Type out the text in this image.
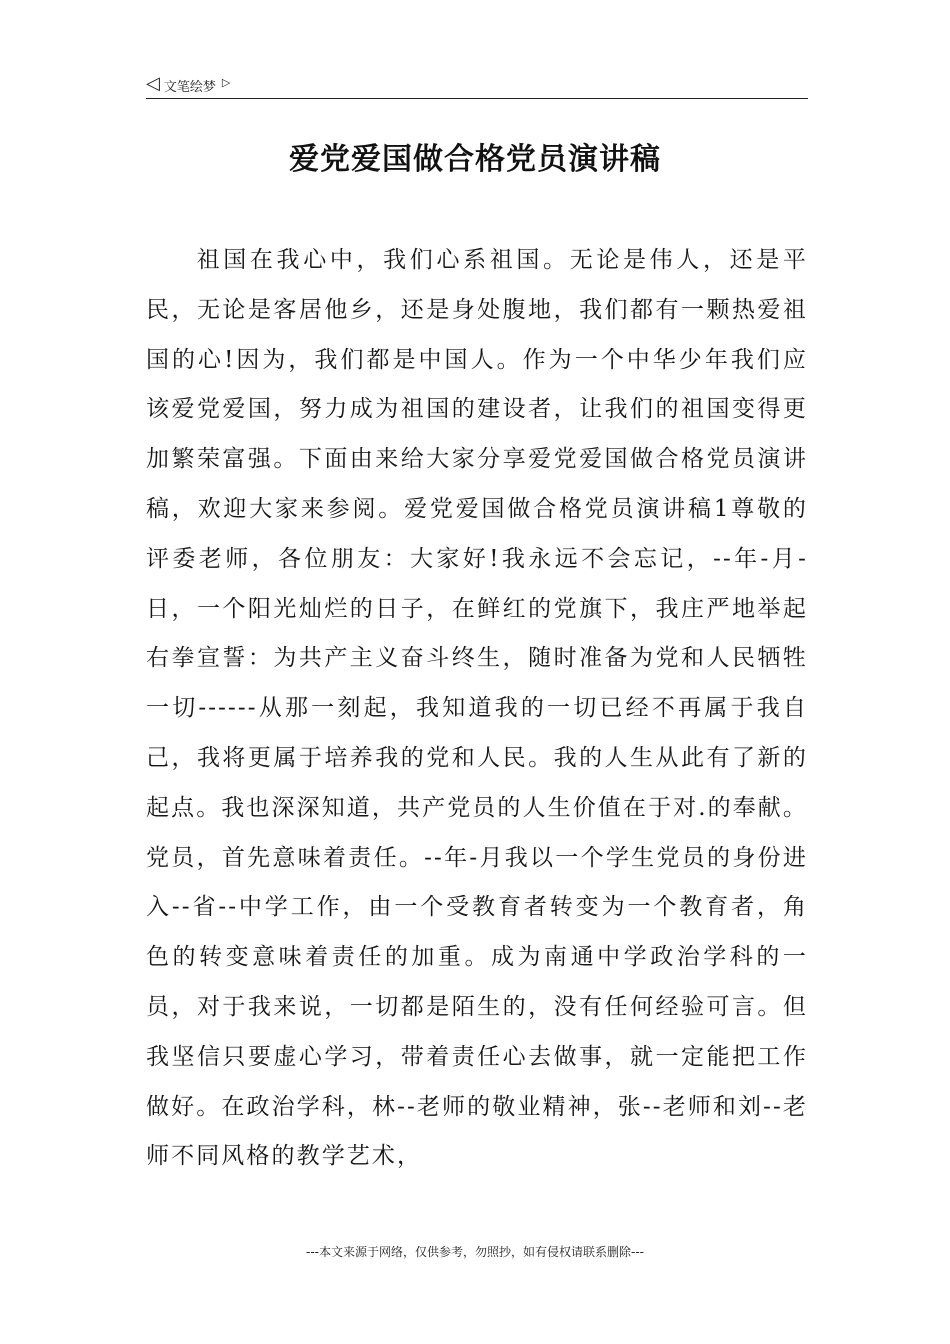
◁ 文笔绘梦 ▷
爱党爱国做合格党员演讲稿
祖国在我心中，我们心系祖国。无论是伟人，还是平民，无论是客居他乡，还是身处腹地，我们都有一颗热爱祖国的心!因为，我们都是中国人。作为一个中华少年我们应该爱党爱国，努力成为祖国的建设者，让我们的祖国变得更加繁荣富强。下面由来给大家分享爱党爱国做合格党员演讲稿，欢迎大家来参阅。爱党爱国做合格党员演讲稿1尊敬的评委老师，各位朋友：大家好!我永远不会忘记，--年-月-日，一个阳光灿烂的日子，在鲜红的党旗下，我庄严地举起右拳宣誓：为共产主义奋斗终生，随时准备为党和人民牺牲一切------从那一刻起，我知道我的一切已经不再属于我自己，我将更属于培养我的党和人民。我的人生从此有了新的起点。我也深深知道，共产党员的人生价值在于对.的奉献。党员，首先意味着责任。--年-月我以一个学生党员的身份进入--省--中学工作，由一个受教育者转变为一个教育者，角色的转变意味着责任的加重。成为南通中学政治学科的一员，对于我来说，一切都是陌生的，没有任何经验可言。但我坚信只要虚心学习，带着责任心去做事，就一定能把工作做好。在政治学科，林--老师的敬业精神，张--老师和刘--老师不同风格的教学艺术，
---本文来源于网络，仅供参考，勿照抄，如有侵权请联系删除---
